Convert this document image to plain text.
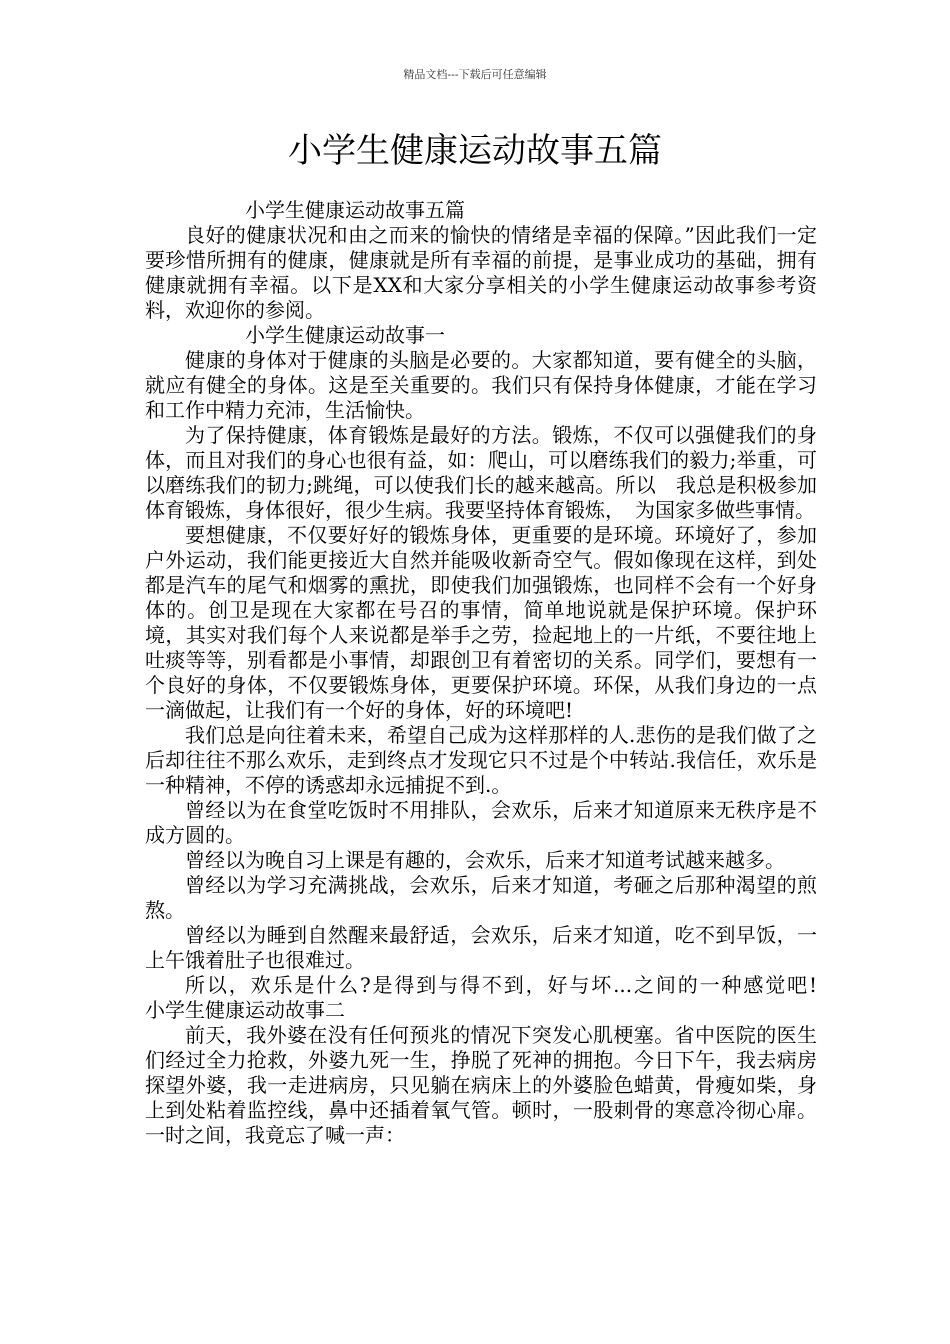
精品文档---下载后可任意编辑
小学生健康运动故事五篇

小学生健康运动故事五篇

良好的健康状况和由之而来的愉快的情绪是幸福的保障。”因此我们一定要珍惜所拥有的健康，健康就是所有幸福的前提，是事业成功的基础，拥有健康就拥有幸福。以下是XX和大家分享相关的小学生健康运动故事参考资料，欢迎你的参阅。

小学生健康运动故事一

健康的身体对于健康的头脑是必要的。大家都知道，要有健全的头脑，就应有健全的身体。这是至关重要的。我们只有保持身体健康，才能在学习和工作中精力充沛，生活愉快。

为了保持健康，体育锻炼是最好的方法。锻炼，不仅可以强健我们的身体，而且对我们的身心也很有益，如：爬山，可以磨练我们的毅力;举重，可以磨练我们的韧力;跳绳，可以使我们长的越来越高。所以　我总是积极参加体育锻炼，身体很好，很少生病。我要坚持体育锻炼，　为国家多做些事情。

要想健康，不仅要好好的锻炼身体，更重要的是环境。环境好了，参加户外运动，我们能更接近大自然并能吸收新奇空气。假如像现在这样，到处都是汽车的尾气和烟雾的熏扰，即使我们加强锻炼，也同样不会有一个好身体的。创卫是现在大家都在号召的事情，简单地说就是保护环境。保护环境，其实对我们每个人来说都是举手之劳，捡起地上的一片纸，不要往地上吐痰等等，别看都是小事情，却跟创卫有着密切的关系。同学们，要想有一个良好的身体，不仅要锻炼身体，更要保护环境。环保，从我们身边的一点一滴做起，让我们有一个好的身体，好的环境吧!

我们总是向往着未来，希望自己成为这样那样的人.悲伤的是我们做了之后却往往不那么欢乐，走到终点才发现它只不过是个中转站.我信任，欢乐是一种精神，不停的诱惑却永远捕捉不到.。

曾经以为在食堂吃饭时不用排队，会欢乐，后来才知道原来无秩序是不成方圆的。

曾经以为晚自习上课是有趣的，会欢乐，后来才知道考试越来越多。

曾经以为学习充满挑战，会欢乐，后来才知道，考砸之后那种渴望的煎熬。

曾经以为睡到自然醒来最舒适，会欢乐，后来才知道，吃不到早饭，一上午饿着肚子也很难过。

所以，欢乐是什么?是得到与得不到，好与坏...之间的一种感觉吧!　　小学生健康运动故事二

前天，我外婆在没有任何预兆的情况下突发心肌梗塞。省中医院的医生们经过全力抢救，外婆九死一生，挣脱了死神的拥抱。今日下午，我去病房探望外婆，我一走进病房，只见躺在病床上的外婆脸色蜡黄，骨瘦如柴，身上到处粘着监控线，鼻中还插着氧气管。顿时，一股刺骨的寒意冷彻心扉。一时之间，我竟忘了喊一声：
